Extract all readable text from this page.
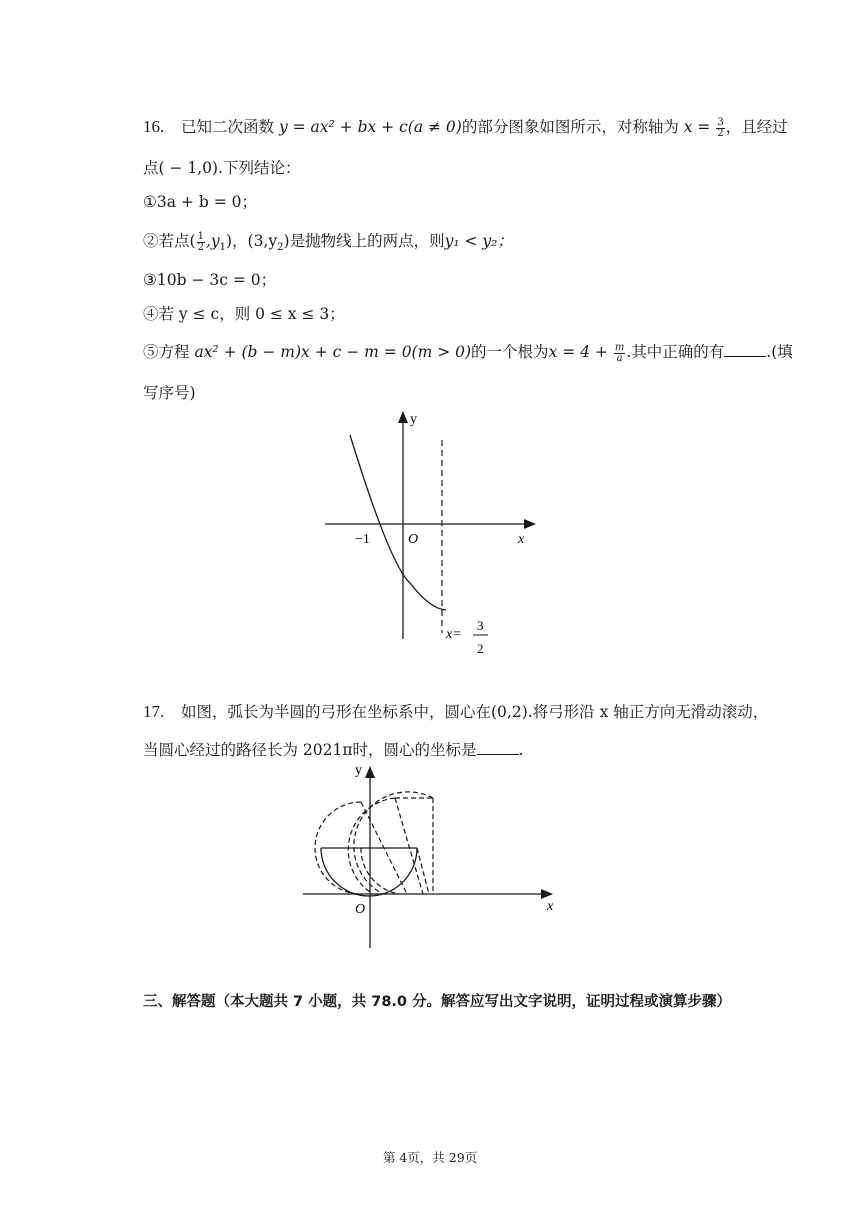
16. 已知二次函数 y = ax² + bx + c(a ≠ 0)的部分图象如图所示，对称轴为 $x = \frac{3}{2}$ ，且经过
点( − 1,0).下列结论：
①3a + b = 0；
②若点( $\frac{1}{2} ,y_1$)，$(3,y_2)$是抛物线上的两点，则y₁ < y₂；
③10b − 3c = 0；
④若 y ≤ c，则 0 ≤ x ≤ 3；
⑤方程 ax² + (b − m)x + c − m = 0(m > 0)的一个根为$x = 4 + \frac{m}{a}$ .其中正确的有	.(填
写序号)
y
x
O
−1
x=
3
2
17. 如图，弧长为半圆的弓形在坐标系中，圆心在(0,2).将弓形沿 x 轴正方向无滑动滚动，
当圆心经过的路径长为 2021π时，圆心的坐标是	.
y
x
O
三、解答题（本大题共 7 小题，共 78.0 分。解答应写出文字说明，证明过程或演算步骤）
第 4页，共 29页
